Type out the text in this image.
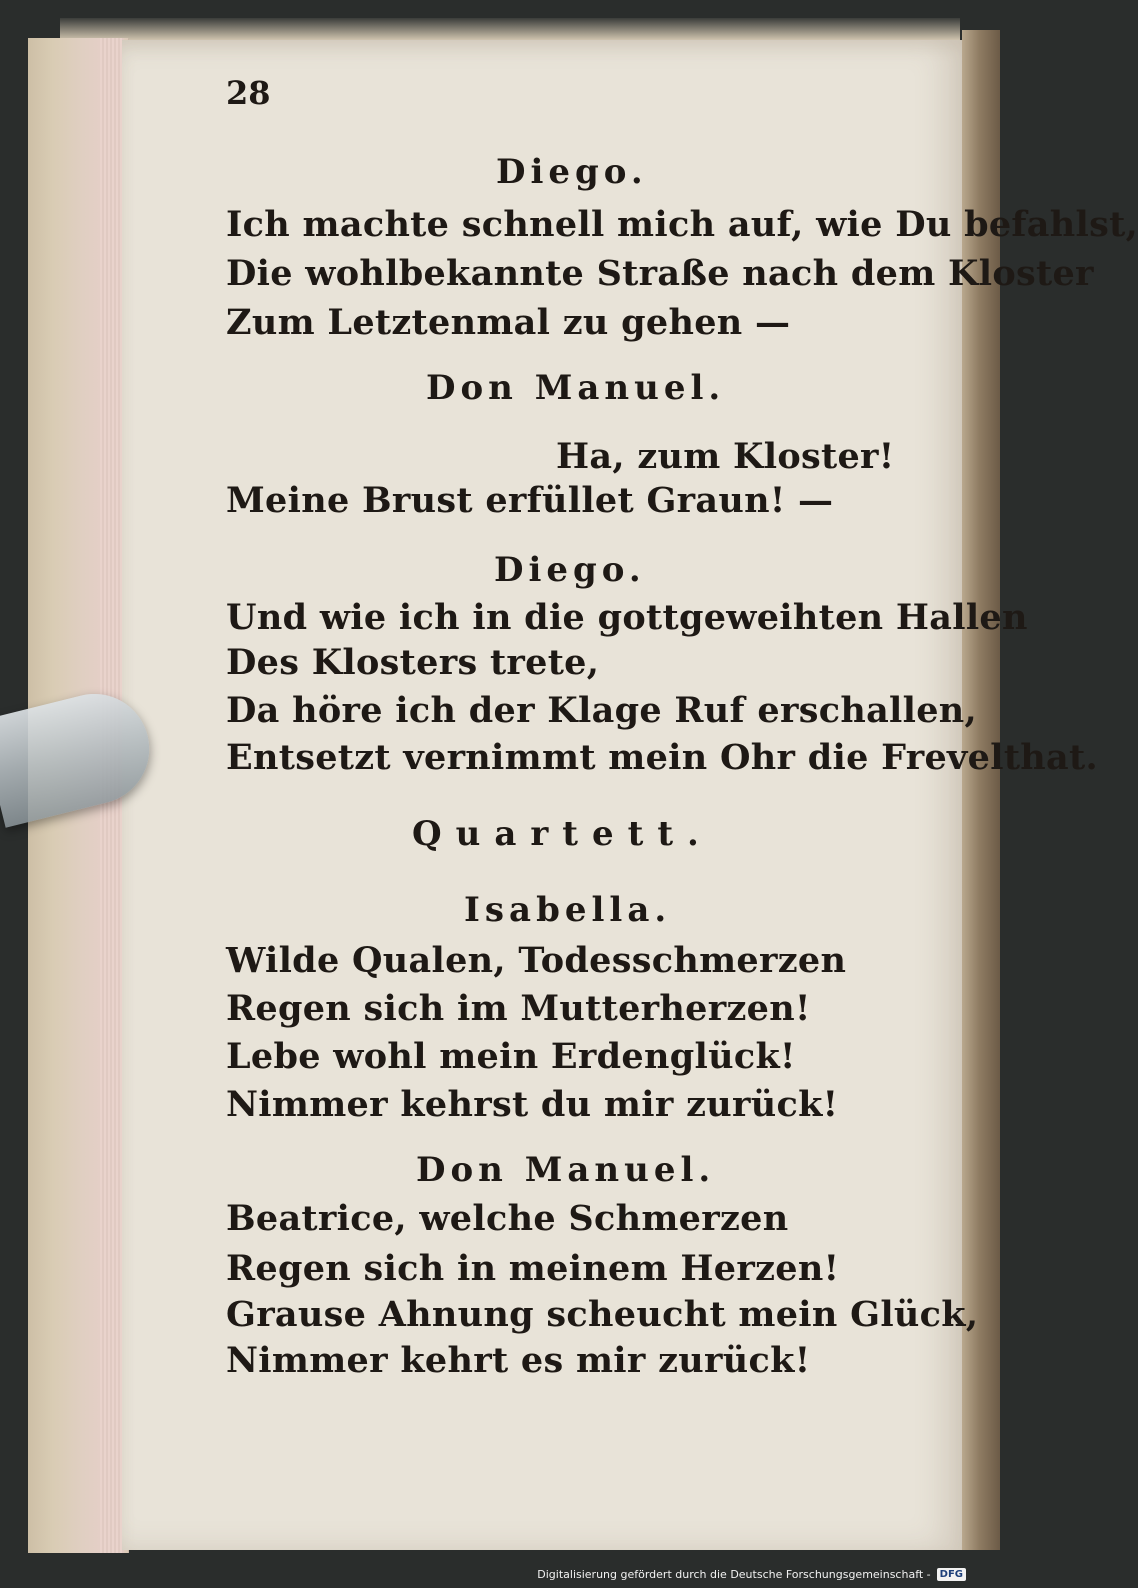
28
Diego.
Ich machte schnell mich auf, wie Du befahlst,
Die wohlbekannte Straße nach dem Kloster
Zum Letztenmal zu gehen —
Don Manuel.
Ha, zum Kloster!
Meine Brust erfüllet Graun! —
Diego.
Und wie ich in die gottgeweihten Hallen
Des Klosters trete,
Da höre ich der Klage Ruf erschallen,
Entsetzt vernimmt mein Ohr die Frevelthat.
Quartett.
Isabella.
Wilde Qualen, Todesschmerzen
Regen sich im Mutterherzen!
Lebe wohl mein Erdenglück!
Nimmer kehrst du mir zurück!
Don Manuel.
Beatrice, welche Schmerzen
Regen sich in meinem Herzen!
Grause Ahnung scheucht mein Glück,
Nimmer kehrt es mir zurück!
Digitalisierung gefördert durch die Deutsche Forschungsgemeinschaft - DFG
